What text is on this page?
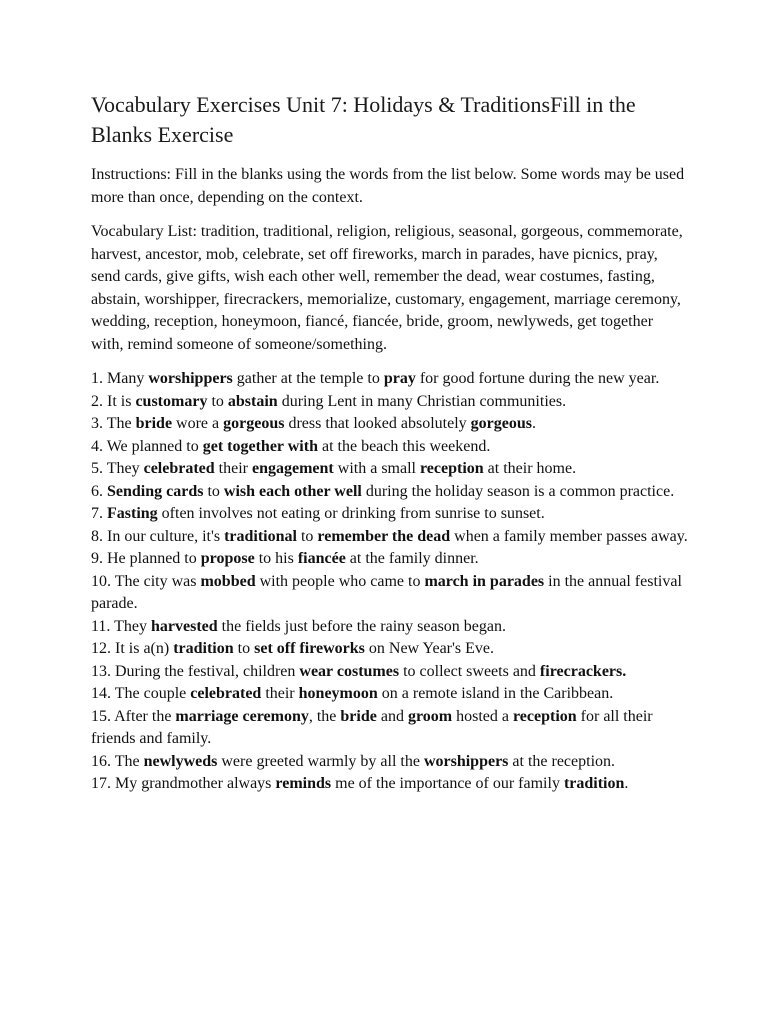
Vocabulary Exercises Unit 7: Holidays & TraditionsFill in the Blanks Exercise

Instructions: Fill in the blanks using the words from the list below. Some words may be used more than once, depending on the context.

Vocabulary List: tradition, traditional, religion, religious, seasonal, gorgeous, commemorate, harvest, ancestor, mob, celebrate, set off fireworks, march in parades, have picnics, pray, send cards, give gifts, wish each other well, remember the dead, wear costumes, fasting, abstain, worshipper, firecrackers, memorialize, customary, engagement, marriage ceremony, wedding, reception, honeymoon, fiancé, fiancée, bride, groom, newlyweds, get together with, remind someone of someone/something.

1. Many worshippers gather at the temple to pray for good fortune during the new year.
2. It is customary to abstain during Lent in many Christian communities.
3. The bride wore a gorgeous dress that looked absolutely gorgeous.
4. We planned to get together with at the beach this weekend.
5. They celebrated their engagement with a small reception at their home.
6. Sending cards to wish each other well during the holiday season is a common practice.
7. Fasting often involves not eating or drinking from sunrise to sunset.
8. In our culture, it's traditional to remember the dead when a family member passes away.
9. He planned to propose to his fiancée at the family dinner.
10. The city was mobbed with people who came to march in parades in the annual festival parade.
11. They harvested the fields just before the rainy season began.
12. It is a(n) tradition to set off fireworks on New Year's Eve.
13. During the festival, children wear costumes to collect sweets and firecrackers.
14. The couple celebrated their honeymoon on a remote island in the Caribbean.
15. After the marriage ceremony, the bride and groom hosted a reception for all their friends and family.
16. The newlyweds were greeted warmly by all the worshippers at the reception.
17. My grandmother always reminds me of the importance of our family tradition.
